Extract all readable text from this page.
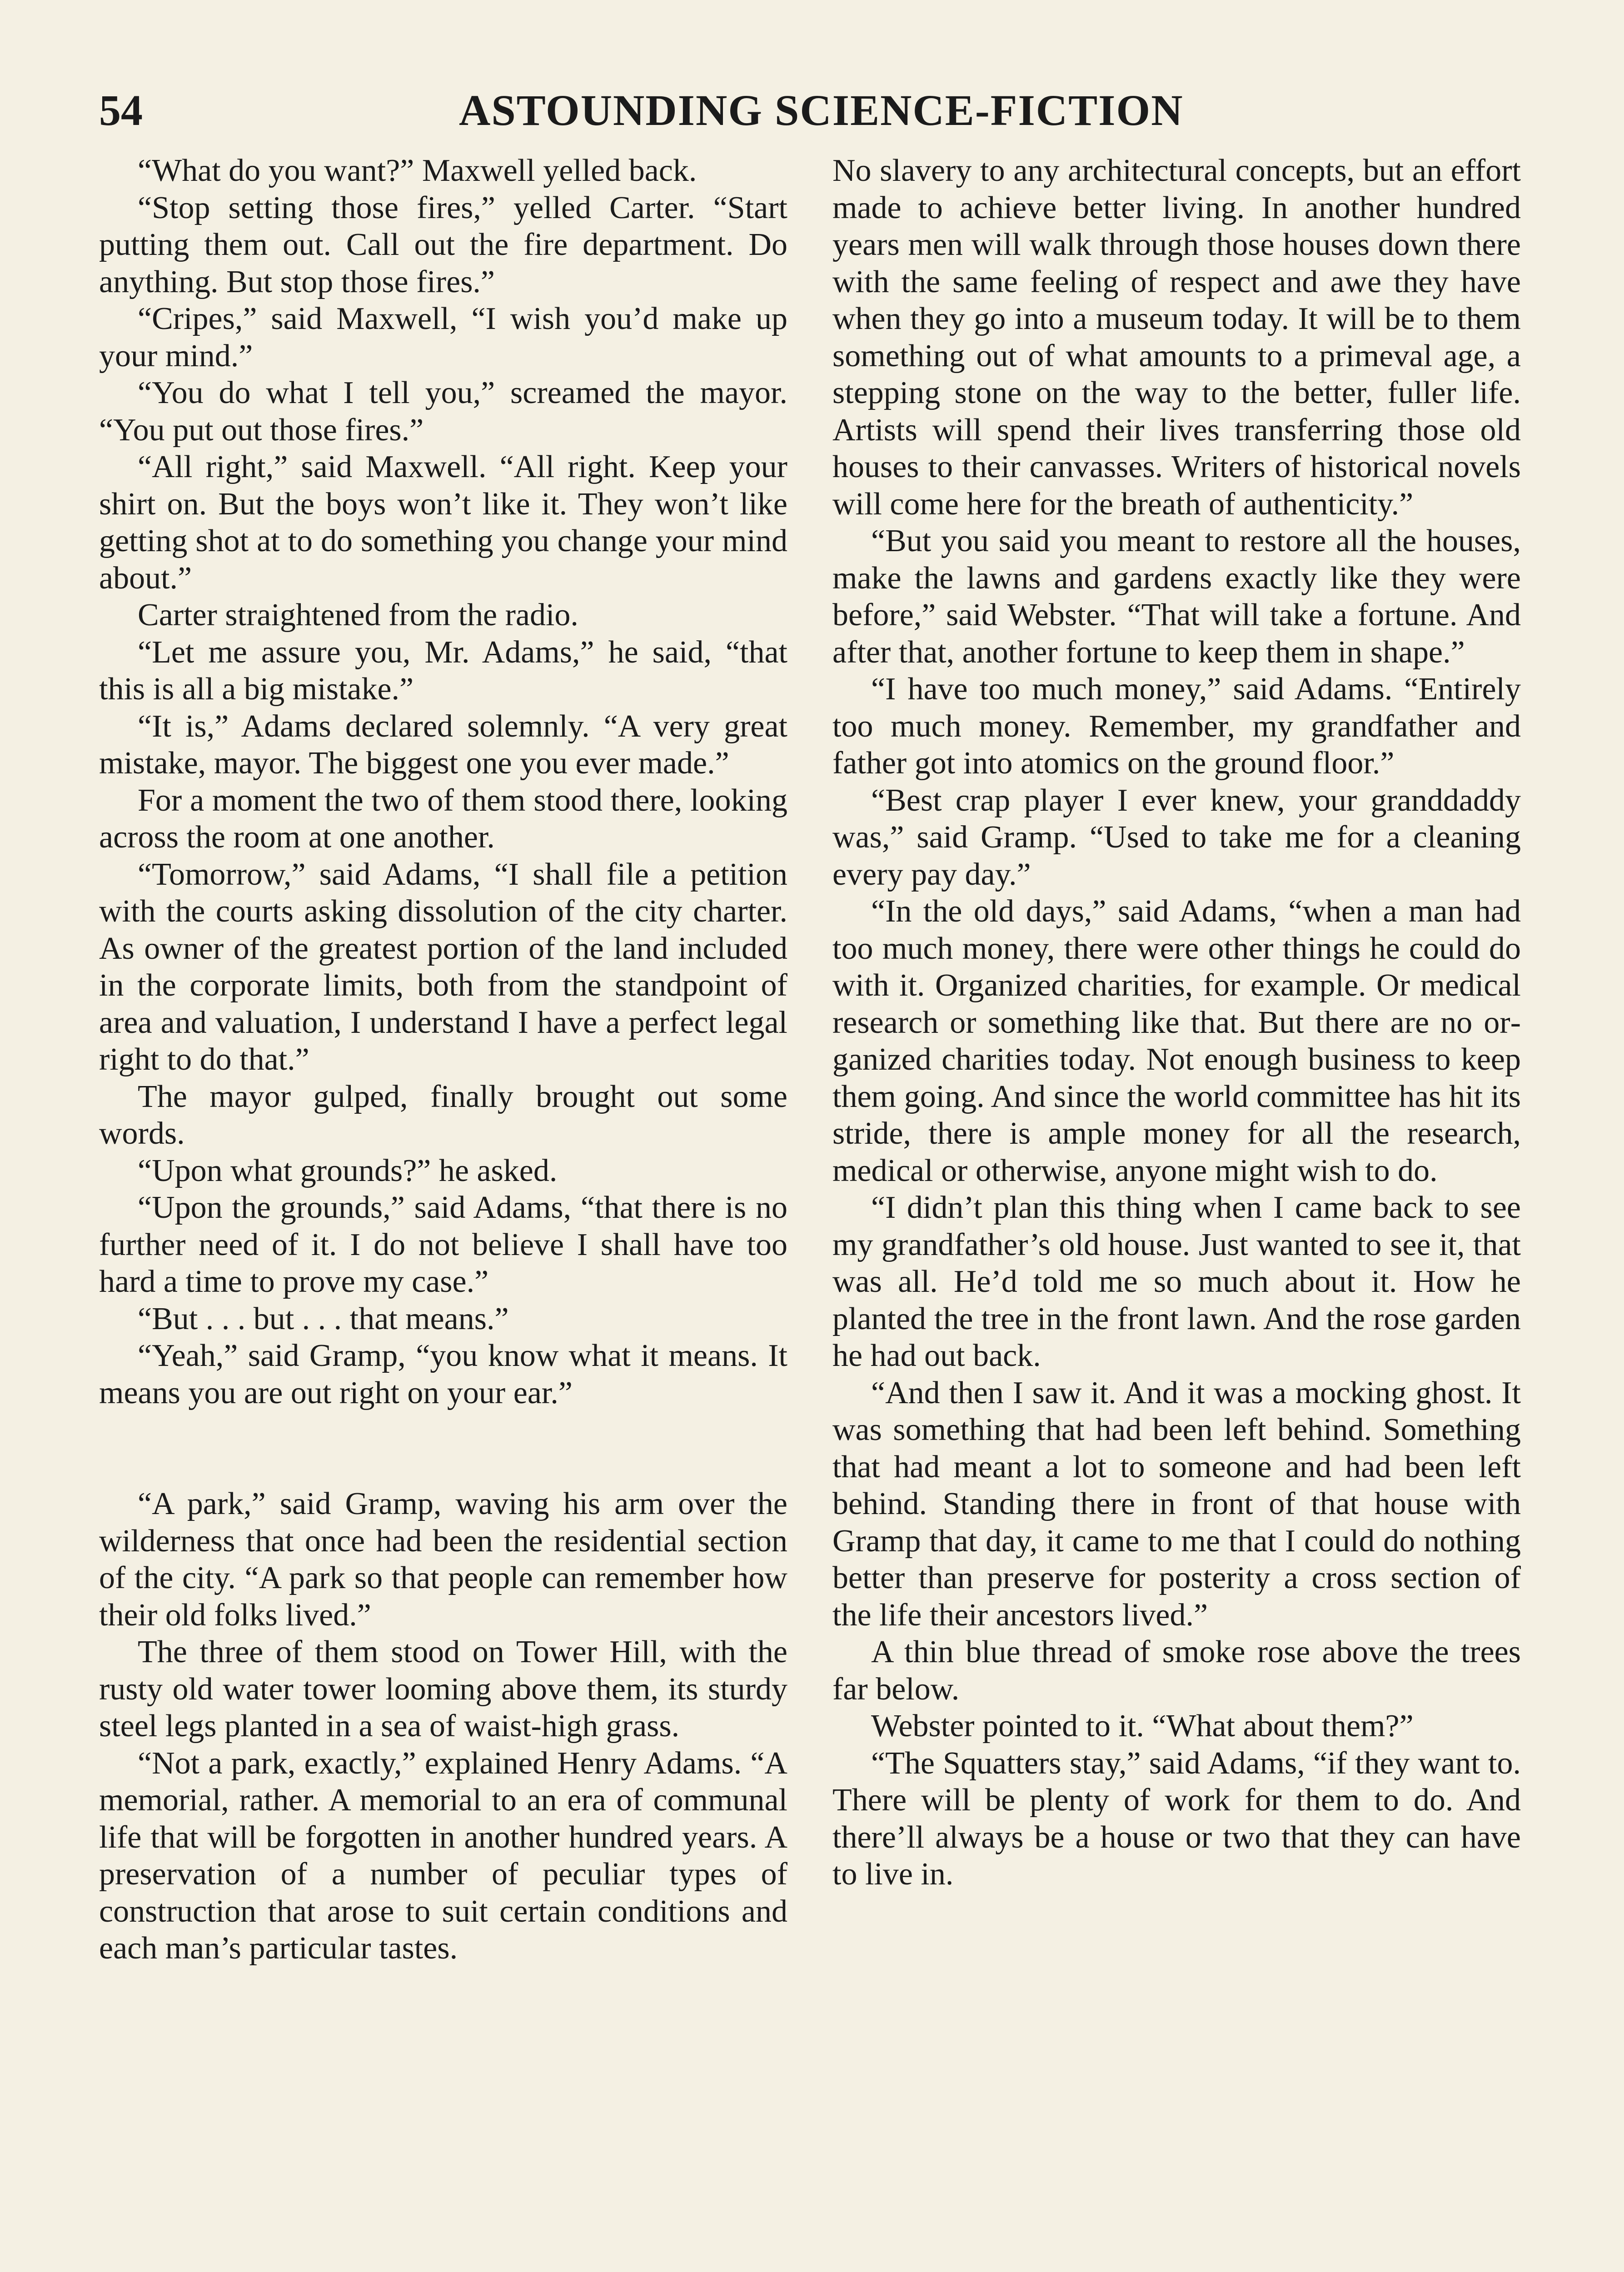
54	ASTOUNDING SCIENCE-FICTION

“What do you want?” Maxwell yelled back.

“Stop setting those fires,” yelled Carter. “Start putting them out. Call out the fire department. Do anything. But stop those fires.”

“Cripes,” said Maxwell, “I wish you’d make up your mind.”

“You do what I tell you,” screamed the mayor. “You put out those fires.”

“All right,” said Maxwell. “All right. Keep your shirt on. But the boys won’t like it. They won’t like getting shot at to do something you change your mind about.”

Carter straightened from the radio.

“Let me assure you, Mr. Adams,” he said, “that this is all a big mistake.”

“It is,” Adams declared solemnly. “A very great mistake, mayor. The biggest one you ever made.”

For a moment the two of them stood there, looking across the room at one another.

“Tomorrow,” said Adams, “I shall file a petition with the courts asking dissolution of the city charter. As owner of the greatest portion of the land included in the corporate limits, both from the standpoint of area and valuation, I understand I have a perfect legal right to do that.”

The mayor gulped, finally brought out some words.

“Upon what grounds?” he asked.

“Upon the grounds,” said Adams, “that there is no further need of it. I do not believe I shall have too hard a time to prove my case.”

“But . . . but . . . that means.”

“Yeah,” said Gramp, “you know what it means. It means you are out right on your ear.”

“A park,” said Gramp, waving his arm over the wilderness that once had been the residential section of the city. “A park so that people can remember how their old folks lived.”

The three of them stood on Tower Hill, with the rusty old water tower looming above them, its sturdy steel legs planted in a sea of waist-high grass.

“Not a park, exactly,” explained Henry Adams. “A memorial, rather. A memorial to an era of communal life that will be forgotten in another hundred years. A preservation of a number of peculiar types of construction that arose to suit certain conditions and each man’s particular tastes.

No slavery to any architectural concepts, but an effort made to achieve better living. In another hundred years men will walk through those houses down there with the same feeling of respect and awe they have when they go into a museum today. It will be to them something out of what amounts to a primeval age, a stepping stone on the way to the better, fuller life. Artists will spend their lives transferring those old houses to their canvasses. Writers of historical novels will come here for the breath of authenticity.”

“But you said you meant to restore all the houses, make the lawns and gardens exactly like they were before,” said Webster. “That will take a fortune. And after that, another fortune to keep them in shape.”

“I have too much money,” said Adams. “Entirely too much money. Remember, my grandfather and father got into atomics on the ground floor.”

“Best crap player I ever knew, your granddaddy was,” said Gramp. “Used to take me for a cleaning every pay day.”

“In the old days,” said Adams, “when a man had too much money, there were other things he could do with it. Organized charities, for example. Or medical research or something like that. But there are no organized charities today. Not enough business to keep them going. And since the world committee has hit its stride, there is ample money for all the research, medical or otherwise, anyone might wish to do.

“I didn’t plan this thing when I came back to see my grandfather’s old house. Just wanted to see it, that was all. He’d told me so much about it. How he planted the tree in the front lawn. And the rose garden he had out back.

“And then I saw it. And it was a mocking ghost. It was something that had been left behind. Something that had meant a lot to someone and had been left behind. Standing there in front of that house with Gramp that day, it came to me that I could do nothing better than preserve for posterity a cross section of the life their ancestors lived.”

A thin blue thread of smoke rose above the trees far below.

Webster pointed to it. “What about them?”

“The Squatters stay,” said Adams, “if they want to. There will be plenty of work for them to do. And there’ll always be a house or two that they can have to live in.
